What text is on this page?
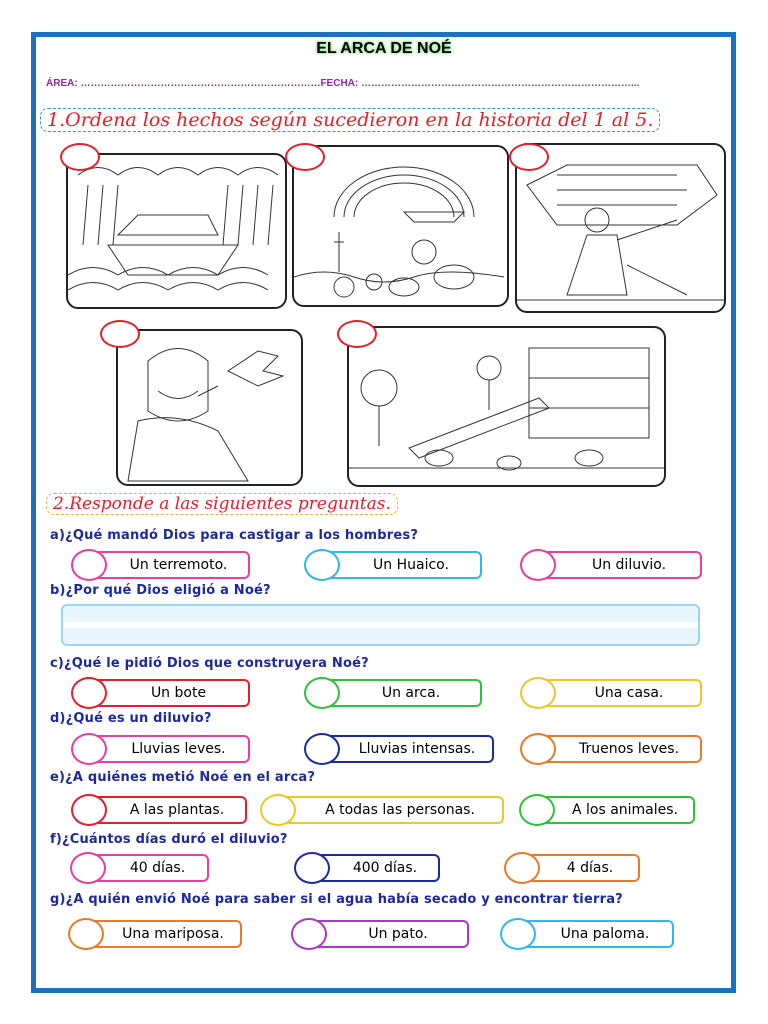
EL ARCA DE NOÉ
ÁREA: ………………………………………………………………FECHA: ………………………………………………………………………...
1.Ordena los hechos según sucedieron en la historia del 1 al 5.
2.Responde a las siguientes preguntas.
a)¿Qué mandó Dios para castigar a los hombres?
Un terremoto.	Un Huaico.	Un diluvio.
b)¿Por qué Dios eligió a Noé?
c)¿Qué le pidió Dios que construyera Noé?
Un bote	Un arca.	Una casa.
d)¿Qué es un diluvio?
Lluvias leves.	Lluvias intensas.	Truenos leves.
e)¿A quiénes metió Noé en el arca?
A las plantas.	A todas las personas.	A los animales.
f)¿Cuántos días duró el diluvio?
40 días.	400 días.	4 días.
g)¿A quién envió Noé para saber si el agua había secado y encontrar tierra?
Una mariposa.	Un pato.	Una paloma.
